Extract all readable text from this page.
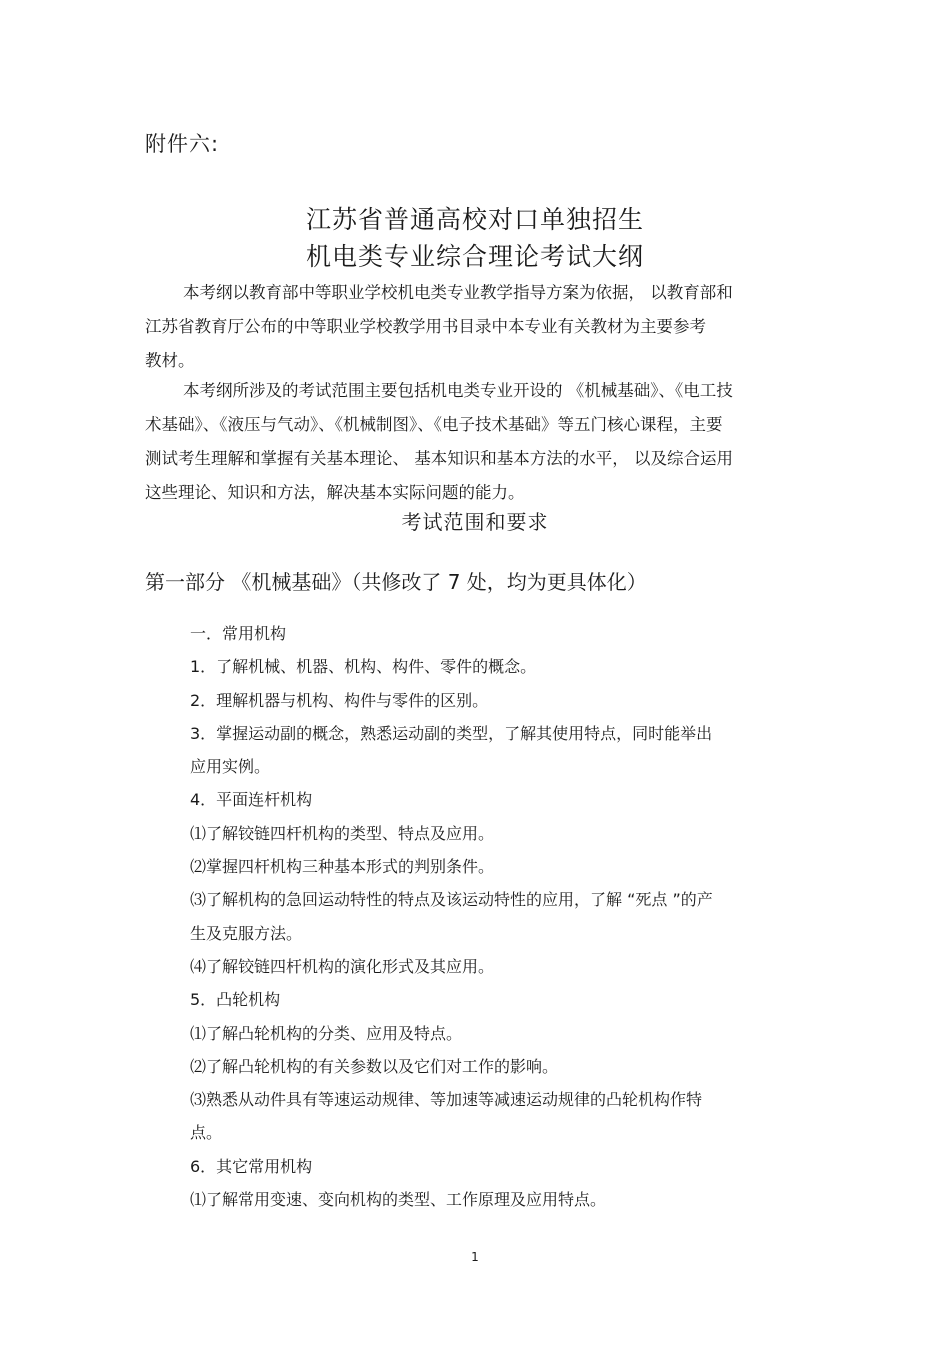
附件六:
江苏省普通高校对口单独招生
机电类专业综合理论考试大纲

本考纲以教育部中等职业学校机电类专业教学指导方案为依据， 以教育部和
江苏省教育厅公布的中等职业学校教学用书目录中本专业有关教材为主要参考
教材。

本考纲所涉及的考试范围主要包括机电类专业开设的 《机械基础》、《电工技
术基础》、《液压与气动》、《机械制图》、《电子技术基础》等五门核心课程，主要
测试考生理解和掌握有关基本理论、 基本知识和基本方法的水平， 以及综合运用
这些理论、知识和方法，解决基本实际问题的能力。

考试范围和要求
第一部分 《机械基础》（共修改了 7 处，均为更具体化）
一．常用机构
1．了解机械、机器、机构、构件、零件的概念。
2．理解机器与机构、构件与零件的区别。
3．掌握运动副的概念，熟悉运动副的类型，了解其使用特点，同时能举出
应用实例。
4．平面连杆机构
⑴了解铰链四杆机构的类型、特点及应用。
⑵掌握四杆机构三种基本形式的判别条件。
⑶了解机构的急回运动特性的特点及该运动特性的应用，了解 “死点 ”的产
生及克服方法。
⑷了解铰链四杆机构的演化形式及其应用。
5．凸轮机构
⑴了解凸轮机构的分类、应用及特点。
⑵了解凸轮机构的有关参数以及它们对工作的影响。
⑶熟悉从动件具有等速运动规律、等加速等减速运动规律的凸轮机构作特
点。
6．其它常用机构
⑴了解常用变速、变向机构的类型、工作原理及应用特点。
1
